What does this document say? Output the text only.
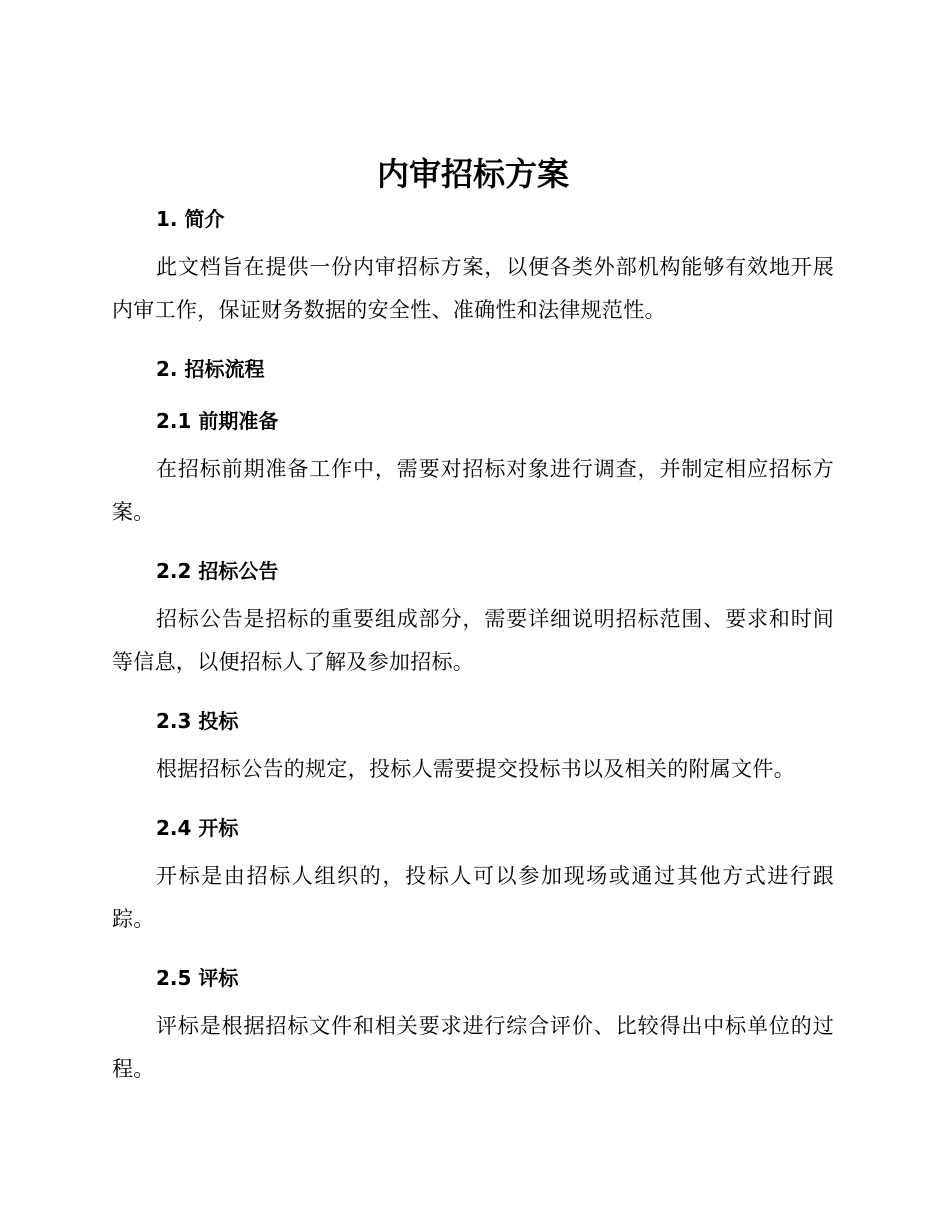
内审招标方案
1. 简介

此文档旨在提供一份内审招标方案，以便各类外部机构能够有效地开展内审工作，保证财务数据的安全性、准确性和法律规范性。

2. 招标流程
2.1 前期准备

在招标前期准备工作中，需要对招标对象进行调查，并制定相应招标方案。

2.2 招标公告

招标公告是招标的重要组成部分，需要详细说明招标范围、要求和时间等信息，以便招标人了解及参加招标。

2.3 投标

根据招标公告的规定，投标人需要提交投标书以及相关的附属文件。

2.4 开标

开标是由招标人组织的，投标人可以参加现场或通过其他方式进行跟踪。

2.5 评标

评标是根据招标文件和相关要求进行综合评价、比较得出中标单位的过程。
